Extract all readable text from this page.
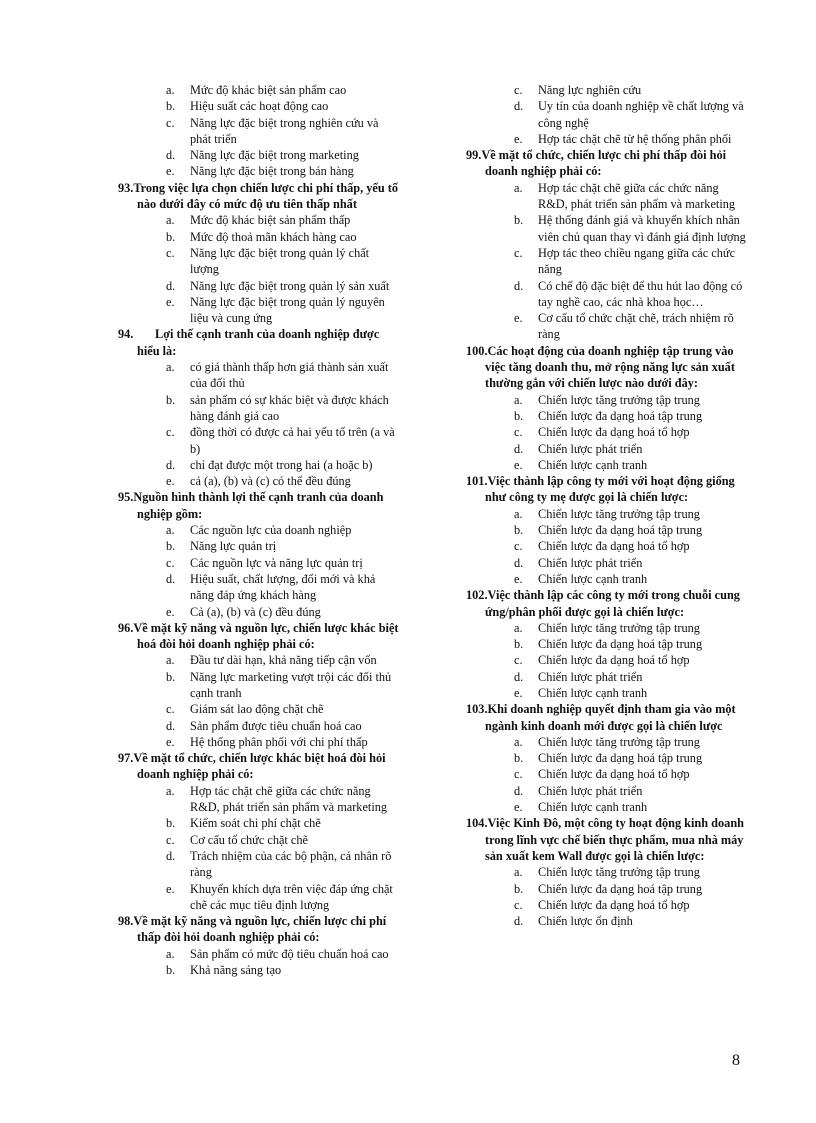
a.	Mức độ khác biệt sản phẩm cao
b.	Hiệu suất các hoạt động cao
c.	Năng lực đặc biệt trong nghiên cứu và phát triển
d.	Năng lực đặc biệt trong marketing
e.	Năng lực đặc biệt trong bán hàng
93.Trong việc lựa chọn chiến lược chi phí thấp, yếu tố nào dưới đây có mức độ ưu tiên thấp nhất
a.	Mức độ khác biệt sản phẩm thấp
b.	Mức độ thoả mãn khách hàng cao
c.	Năng lực đặc biệt trong quản lý chất lượng
d.	Năng lực đặc biệt trong quản lý sản xuất
e.	Năng lực đặc biệt trong quản lý nguyên liệu và cung ứng
94. Lợi thế cạnh tranh của doanh nghiệp được hiểu là:
a.	có giá thành thấp hơn giá thành sản xuất của đối thủ
b.	sản phẩm có sự khác biệt và được khách hàng đánh giá cao
c.	đồng thời có được cả hai yếu tố trên (a và b)
d.	chỉ đạt được một trong hai (a hoặc b)
e.	cả (a), (b) và (c) có thể đều đúng
95.Nguồn hình thành lợi thế cạnh tranh của doanh nghiệp gồm:
a.	Các nguồn lực của doanh nghiệp
b.	Năng lực quản trị
c.	Các nguồn lực và năng lực quản trị
d.	Hiệu suất, chất lượng, đổi mới và khả năng đáp ứng khách hàng
e.	Cả (a), (b) và (c) đều đúng
96.Về mặt kỹ năng và nguồn lực, chiến lược khác biệt hoá đòi hỏi doanh nghiệp phải có:
a.	Đầu tư dài hạn, khả năng tiếp cận vốn
b.	Năng lực marketing vượt trội các đối thủ cạnh tranh
c.	Giám sát lao động chặt chẽ
d.	Sản phẩm được tiêu chuẩn hoá cao
e.	Hệ thống phân phối với chi phí thấp
97.Về mặt tổ chức, chiến lược khác biệt hoá đòi hỏi doanh nghiệp phải có:
a.	Hợp tác chặt chẽ giữa các chức năng R&D, phát triển sản phẩm và marketing
b.	Kiểm soát chi phí chặt chẽ
c.	Cơ cấu tổ chức chặt chẽ
d.	Trách nhiệm của các bộ phận, cá nhân rõ ràng
e.	Khuyến khích dựa trên việc đáp ứng chặt chẽ các mục tiêu định lượng
98.Về mặt kỹ năng và nguồn lực, chiến lược chi phí thấp đòi hỏi doanh nghiệp phải có:
a.	Sản phẩm có mức độ tiêu chuẩn hoá cao
b.	Khả năng sáng tạo
c.	Năng lực nghiên cứu
d.	Uy tín của doanh nghiệp về chất lượng và công nghệ
e.	Hợp tác chặt chẽ từ hệ thống phân phối
99.Về mặt tổ chức, chiến lược chi phí thấp đòi hỏi doanh nghiệp phải có:
a.	Hợp tác chặt chẽ giữa các chức năng R&D, phát triển sản phẩm và marketing
b.	Hệ thống đánh giá và khuyến khích nhân viên chủ quan thay vì đánh giá định lượng
c.	Hợp tác theo chiều ngang giữa các chức năng
d.	Có chế độ đặc biệt để thu hút lao động có tay nghề cao, các nhà khoa học…
e.	Cơ cấu tổ chức chặt chẽ, trách nhiệm rõ ràng
100.Các hoạt động của doanh nghiệp tập trung vào việc tăng doanh thu, mở rộng năng lực sản xuất thường gắn với chiến lược nào dưới đây:
a.	Chiến lược tăng trưởng tập trung
b.	Chiến lược đa dạng hoá tập trung
c.	Chiến lược đa dạng hoá tổ hợp
d.	Chiến lược phát triển
e.	Chiến lược cạnh tranh
101.Việc thành lập công ty mới với hoạt động giống như công ty mẹ được gọi là chiến lược:
a.	Chiến lược tăng trưởng tập trung
b.	Chiến lược đa dạng hoá tập trung
c.	Chiến lược đa dạng hoá tổ hợp
d.	Chiến lược phát triển
e.	Chiến lược cạnh tranh
102.Việc thành lập các công ty mới trong chuỗi cung ứng/phân phối được gọi là chiến lược:
a.	Chiến lược tăng trưởng tập trung
b.	Chiến lược đa dạng hoá tập trung
c.	Chiến lược đa dạng hoá tổ hợp
d.	Chiến lược phát triển
e.	Chiến lược cạnh tranh
103.Khi doanh nghiệp quyết định tham gia vào một ngành kinh doanh mới được gọi là chiến lược
a.	Chiến lược tăng trưởng tập trung
b.	Chiến lược đa dạng hoá tập trung
c.	Chiến lược đa dạng hoá tổ hợp
d.	Chiến lược phát triển
e.	Chiến lược cạnh tranh
104.Việc Kinh Đô, một công ty hoạt động kinh doanh trong lĩnh vực chế biến thực phẩm, mua nhà máy sản xuất kem Wall được gọi là chiến lược:
a.	Chiến lược tăng trưởng tập trung
b.	Chiến lược đa dạng hoá tập trung
c.	Chiến lược đa dạng hoá tổ hợp
d.	Chiến lược ổn định
8
